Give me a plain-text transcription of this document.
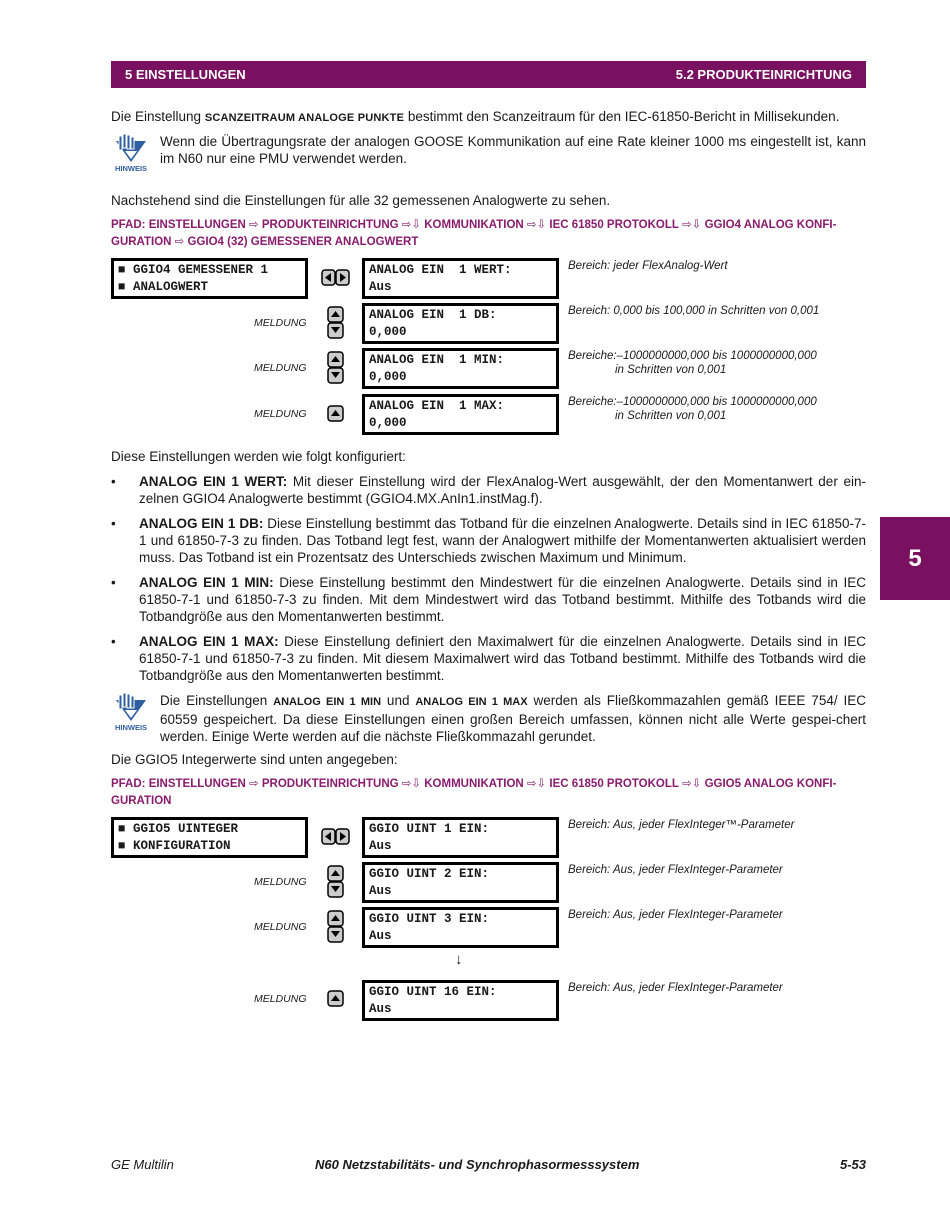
5 EINSTELLUNGEN	5.2 PRODUKTEINRICHTUNG
Die Einstellung SCANZEITRAUM ANALOGE PUNKTE bestimmt den Scanzeitraum für den IEC-61850-Bericht in Millisekunden.
HINWEIS
Wenn die Übertragungsrate der analogen GOOSE Kommunikation auf eine Rate kleiner 1000 ms eingestellt ist, kann im N60 nur eine PMU verwendet werden.
Nachstehend sind die Einstellungen für alle 32 gemessenen Analogwerte zu sehen.
PFAD: EINSTELLUNGEN ⇨ PRODUKTEINRICHTUNG ⇨⇩ KOMMUNIKATION ⇨⇩ IEC 61850 PROTOKOLL ⇨⇩ GGIO4 ANALOG KONFI-GURATION ⇨ GGIO4 (32) GEMESSENER ANALOGWERT
■ GGIO4 GEMESSENER 1
■ ANALOGWERT
ANALOG EIN  1 WERT:
Aus
Bereich: jeder FlexAnalog-Wert
MELDUNG
ANALOG EIN  1 DB:
0,000
Bereich: 0,000 bis 100,000 in Schritten von 0,001
MELDUNG
ANALOG EIN  1 MIN:
0,000
Bereiche:–1000000000,000 bis 1000000000,000
in Schritten von 0,001
MELDUNG
ANALOG EIN  1 MAX:
0,000
Bereiche:–1000000000,000 bis 1000000000,000
in Schritten von 0,001
Diese Einstellungen werden wie folgt konfiguriert:
• ANALOG EIN 1 WERT: Mit dieser Einstellung wird der FlexAnalog-Wert ausgewählt, der den Momentanwert der ein-zelnen GGIO4 Analogwerte bestimmt (GGIO4.MX.AnIn1.instMag.f).
• ANALOG EIN 1 DB: Diese Einstellung bestimmt das Totband für die einzelnen Analogwerte. Details sind in IEC 61850-7-1 und 61850-7-3 zu finden. Das Totband legt fest, wann der Analogwert mithilfe der Momentanwerten aktualisiert werden muss. Das Totband ist ein Prozentsatz des Unterschieds zwischen Maximum und Minimum.
• ANALOG EIN 1 MIN: Diese Einstellung bestimmt den Mindestwert für die einzelnen Analogwerte. Details sind in IEC 61850-7-1 und 61850-7-3 zu finden. Mit dem Mindestwert wird das Totband bestimmt. Mithilfe des Totbands wird die Totbandgröße aus den Momentanwerten bestimmt.
• ANALOG EIN 1 MAX: Diese Einstellung definiert den Maximalwert für die einzelnen Analogwerte. Details sind in IEC 61850-7-1 und 61850-7-3 zu finden. Mit diesem Maximalwert wird das Totband bestimmt. Mithilfe des Totbands wird die Totbandgröße aus den Momentanwerten bestimmt.
HINWEIS
Die Einstellungen ANALOG EIN 1 MIN und ANALOG EIN 1 MAX werden als Fließkommazahlen gemäß IEEE 754/ IEC 60559 gespeichert. Da diese Einstellungen einen großen Bereich umfassen, können nicht alle Werte gespei-chert werden. Einige Werte werden auf die nächste Fließkommazahl gerundet.
Die GGIO5 Integerwerte sind unten angegeben:
PFAD: EINSTELLUNGEN ⇨ PRODUKTEINRICHTUNG ⇨⇩ KOMMUNIKATION ⇨⇩ IEC 61850 PROTOKOLL ⇨⇩ GGIO5 ANALOG KONFI-GURATION
■ GGIO5 UINTEGER
■ KONFIGURATION
GGIO UINT 1 EIN:
Aus
Bereich: Aus, jeder FlexInteger™-Parameter
MELDUNG
GGIO UINT 2 EIN:
Aus
Bereich: Aus, jeder FlexInteger-Parameter
MELDUNG
GGIO UINT 3 EIN:
Aus
Bereich: Aus, jeder FlexInteger-Parameter
↓
MELDUNG	GGIO UINT 16 EIN:
Aus
Bereich: Aus, jeder FlexInteger-Parameter
5
GE Multilin	N60 Netzstabilitäts- und Synchrophasormesssystem	5-53
